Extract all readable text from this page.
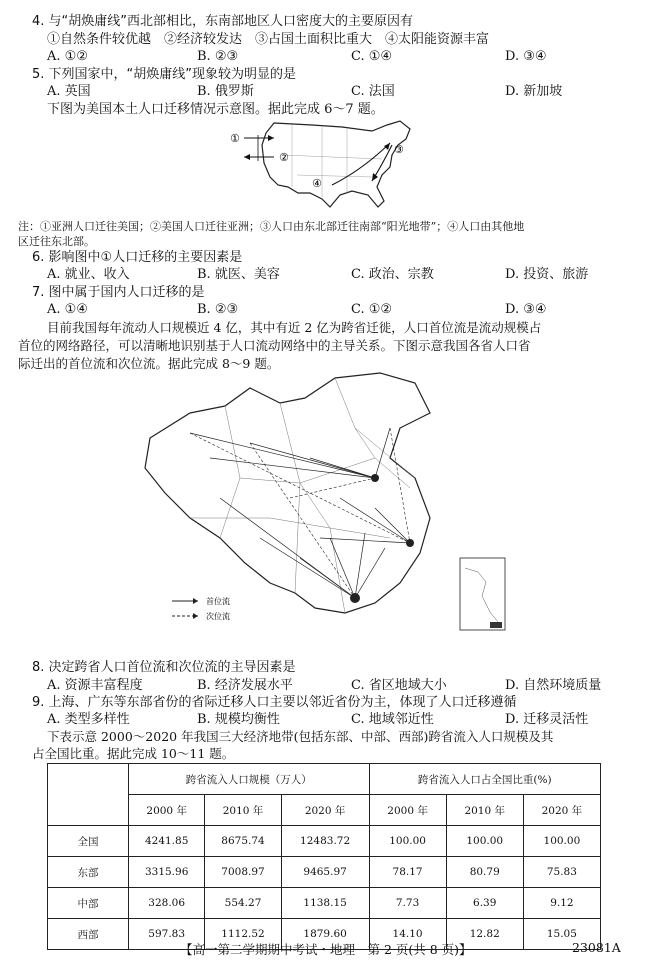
4. 与“胡焕庸线”西北部相比，东南部地区人口密度大的主要原因有
①自然条件较优越　②经济较发达　③占国土面积比重大　④太阳能资源丰富
A. ①②	B. ②③	C. ①④	D. ③④
5. 下列国家中，“胡焕庸线”现象较为明显的是
A. 英国	B. 俄罗斯	C. 法国	D. 新加坡
下图为美国本土人口迁移情况示意图。据此完成 6～7 题。
①
②
③
④
注：①亚洲人口迁往美国；②美国人口迁往亚洲；③人口由东北部迁往南部“阳光地带”；④人口由其他地
区迁往东北部。
6. 影响图中①人口迁移的主要因素是
A. 就业、收入	B. 就医、美容	C. 政治、宗教	D. 投资、旅游
7. 图中属于国内人口迁移的是
A. ①④	B. ②③	C. ①②	D. ③④
目前我国每年流动人口规模近 4 亿，其中有近 2 亿为跨省迁徙，人口首位流是流动规模占
首位的网络路径，可以清晰地识别基于人口流动网络中的主导关系。下图示意我国各省人口省
际迁出的首位流和次位流。据此完成 8～9 题。
首位流
次位流
8. 决定跨省人口首位流和次位流的主导因素是
A. 资源丰富程度	B. 经济发展水平	C. 省区地域大小	D. 自然环境质量
9. 上海、广东等东部省份的省际迁移人口主要以邻近省份为主，体现了人口迁移遵循
A. 类型多样性	B. 规模均衡性	C. 地域邻近性	D. 迁移灵活性
下表示意 2000～2020 年我国三大经济地带(包括东部、中部、西部)跨省流入人口规模及其
占全国比重。据此完成 10～11 题。
	跨省流入人口规模（万人）			跨省流入人口占全国比重(%)		
	2000 年	2010 年	2020 年	2000 年	2010 年	2020 年
全国	4241.85	8675.74	12483.72	100.00	100.00	100.00
东部	3315.96	7008.97	9465.97	78.17	80.79	75.83
中部	328.06	554.27	1138.15	7.73	6.39	9.12
西部	597.83	1112.52	1879.60	14.10	12.82	15.05
【高一第二学期期中考试・地理　第 2 页(共 8 页)】	23081A
